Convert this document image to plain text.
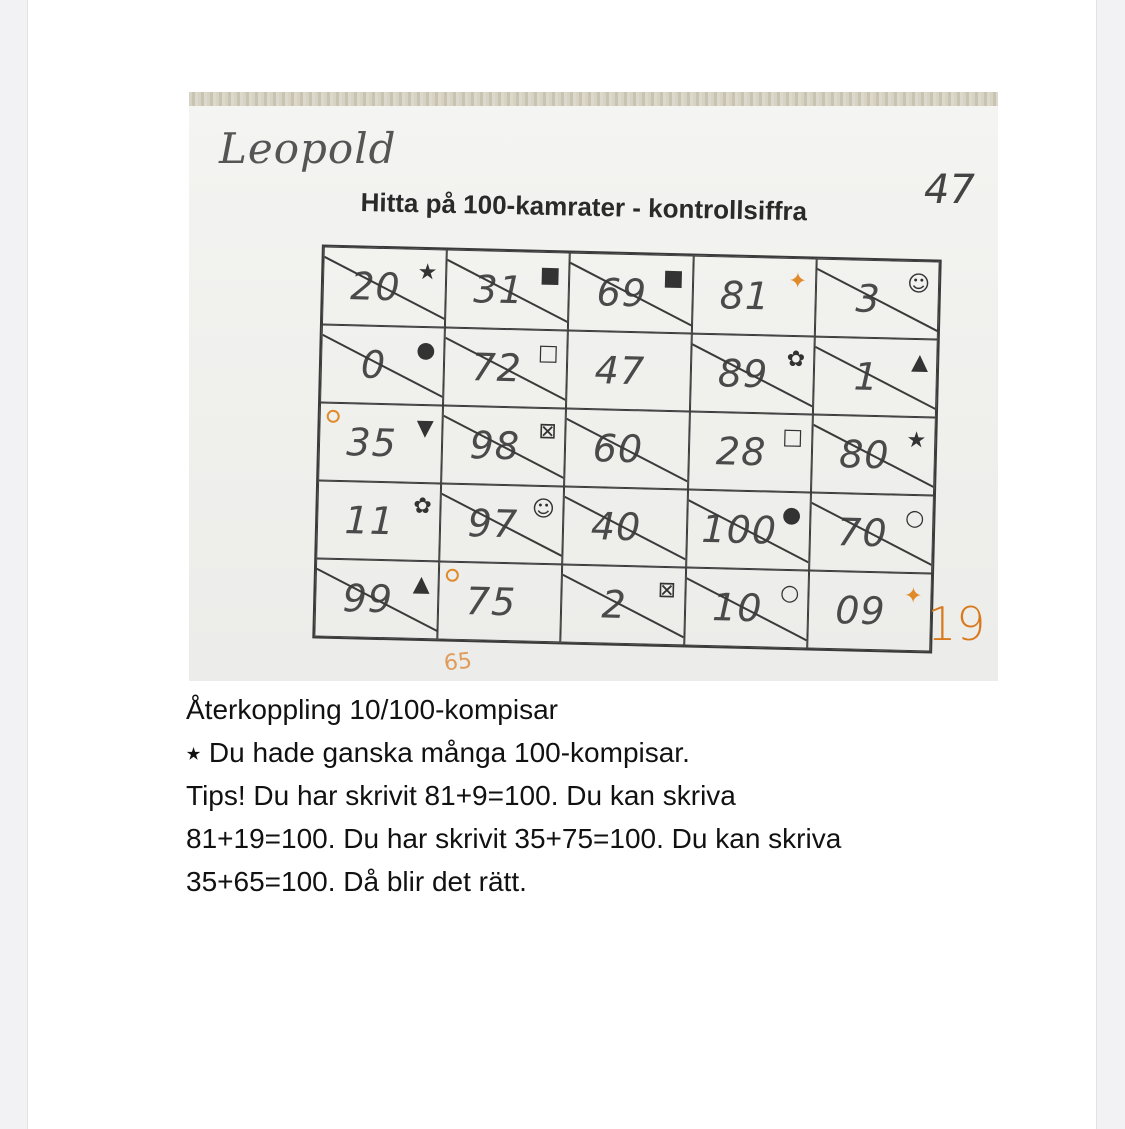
Leopold
Hitta på 100-kamrater - kontrollsiffra	47
20 ★ 31 ■ 69 ■ 81 ✦ 3 ☺
0 ● 72 □ 47 89 ✿ 1 ▲
35 ▼ 98 ⊠ 60 28 □ 80 ★
11 ✿ 97 ☺ 40 100 ● 70 ○
99 ▲ 75 2 ⊠ 10 ○ 09 ✦
19
65
Återkoppling 10/100-kompisar
⭑ Du hade ganska många 100-kompisar.
Tips! Du har skrivit 81+9=100. Du kan skriva
81+19=100. Du har skrivit 35+75=100. Du kan skriva
35+65=100. Då blir det rätt.
